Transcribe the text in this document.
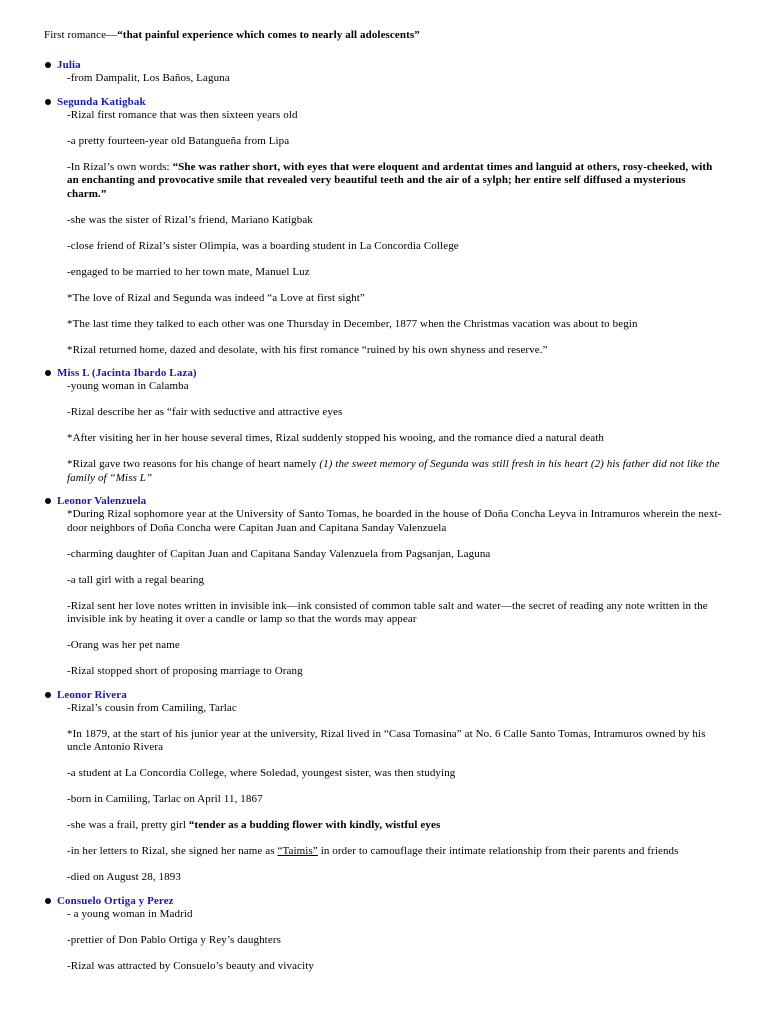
First romance—“that painful experience which comes to nearly all adolescents”
Julia
-from Dampalit, Los Baños, Laguna
Segunda Katigbak
-Rizal first romance that was then sixteen years old
-a pretty fourteen-year old Batangueña from Lipa
-In Rizal’s own words: “She was rather short, with eyes that were eloquent and ardentat times and languid at others, rosy-cheeked, with an enchanting and provocative smile that revealed very beautiful teeth and the air of a sylph; her entire self diffused a mysterious charm.”
-she was the sister of Rizal’s friend, Mariano Katigbak
-close friend of Rizal’s sister Olimpia, was a boarding student in La Concordia College
-engaged to be married to her town mate, Manuel Luz
*The love of Rizal and Segunda was indeed “a Love at first sight”
*The last time they talked to each other was one Thursday in December, 1877 when the Christmas vacation was about to begin
*Rizal returned home, dazed and desolate, with his first romance “ruined by his own shyness and reserve.”
Miss L (Jacinta Ibardo Laza)
-young woman in Calamba
-Rizal describe her as “fair with seductive and attractive eyes
*After visiting her in her house several times, Rizal suddenly stopped his wooing, and the romance died a natural death
*Rizal gave two reasons for his change of heart namely (1) the sweet memory of Segunda was still fresh in his heart (2) his father did not like the family of “Miss L”
Leonor Valenzuela
*During Rizal sophomore year at the University of Santo Tomas, he boarded in the house of Doña Concha Leyva in Intramuros wherein the next-door neighbors of Doña Concha were Capitan Juan and Capitana Sanday Valenzuela
-charming daughter of Capitan Juan and Capitana Sanday Valenzuela from Pagsanjan, Laguna
-a tall girl with a regal bearing
-Rizal sent her love notes written in invisible ink—ink consisted of common table salt and water—the secret of reading any note written in the invisible ink by heating it over a candle or lamp so that the words may appear
-Orang was her pet name
-Rizal stopped short of proposing marriage to Orang
Leonor Rivera
-Rizal’s cousin from Camiling, Tarlac
*In 1879, at the start of his junior year at the university, Rizal lived in “Casa Tomasina” at No. 6 Calle Santo Tomas, Intramuros owned by his uncle Antonio Rivera
-a student at La Concordia College, where Soledad, youngest sister, was then studying
-born in Camiling, Tarlac on April 11, 1867
-she was a frail, pretty girl “tender as a budding flower with kindly, wistful eyes
-in her letters to Rizal, she signed her name as “Taimis” in order to camouflage their intimate relationship from their parents and friends
-died on August 28, 1893
Consuelo Ortiga y Perez
- a young woman in Madrid
-prettier of Don Pablo Ortiga y Rey’s daughters
-Rizal was attracted by Consuelo’s beauty and vivacity
